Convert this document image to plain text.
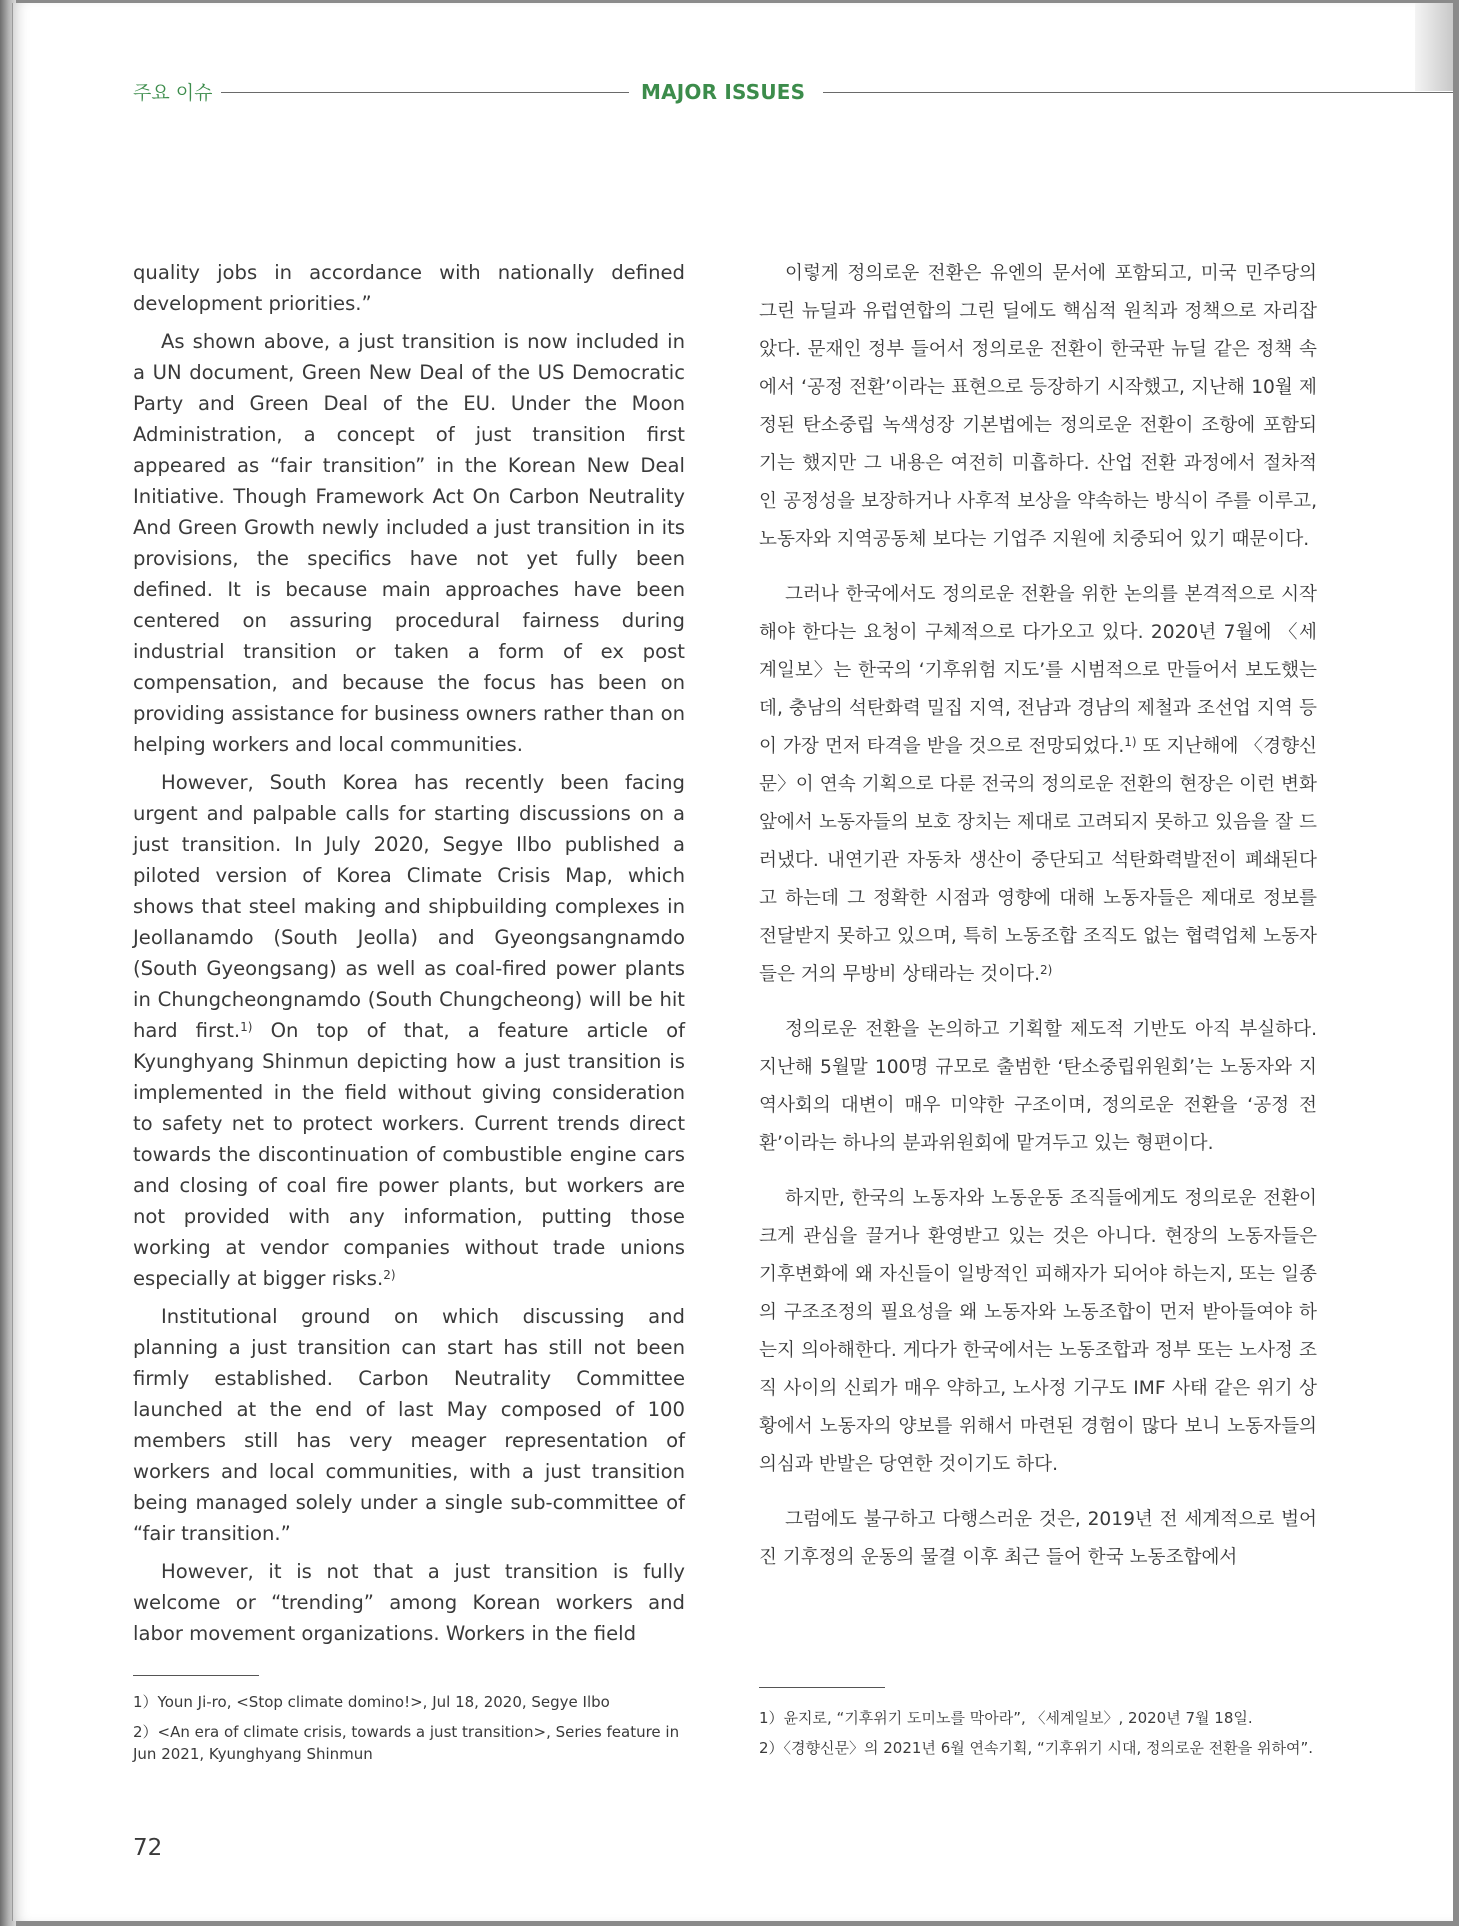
주요 이슈	MAJOR ISSUES

quality jobs in accordance with nationally defined development priorities.”

As shown above, a just transition is now included in a UN document, Green New Deal of the US Democratic Party and Green Deal of the EU. Under the Moon Administration, a concept of just transition first appeared as “fair transition” in the Korean New Deal Initiative. Though Framework Act On Carbon Neutrality And Green Growth newly included a just transition in its provisions, the specifics have not yet fully been defined. It is because main approaches have been centered on assuring procedural fairness during industrial transition or taken a form of ex post compensation, and because the focus has been on providing assistance for business owners rather than on helping workers and local communities.

However, South Korea has recently been facing urgent and palpable calls for starting discussions on a just transition. In July 2020, Segye Ilbo published a piloted version of Korea Climate Crisis Map, which shows that steel making and shipbuilding complexes in Jeollanamdo (South Jeolla) and Gyeongsangnamdo (South Gyeongsang) as well as coal-fired power plants in Chungcheongnamdo (South Chungcheong) will be hit hard first.$^{1)}$ On top of that, a feature article of Kyunghyang Shinmun depicting how a just transition is implemented in the field without giving consideration to safety net to protect workers. Current trends direct towards the discontinuation of combustible engine cars and closing of coal fire power plants, but workers are not provided with any information, putting those working at vendor companies without trade unions especially at bigger risks.$^{2)}$

Institutional ground on which discussing and planning a just transition can start has still not been firmly established. Carbon Neutrality Committee launched at the end of last May composed of 100 members still has very meager representation of workers and local communities, with a just transition being managed solely under a single sub-committee of “fair transition.”

However, it is not that a just transition is fully welcome or “trending” among Korean workers and labor movement organizations. Workers in the field

이렇게 정의로운 전환은 유엔의 문서에 포함되고, 미국 민주당의 그린 뉴딜과 유럽연합의 그린 딜에도 핵심적 원칙과 정책으로 자리잡았다. 문재인 정부 들어서 정의로운 전환이 한국판 뉴딜 같은 정책 속에서 ‘공정 전환’이라는 표현으로 등장하기 시작했고, 지난해 10월 제정된 탄소중립 녹색성장 기본법에는 정의로운 전환이 조항에 포함되기는 했지만 그 내용은 여전히 미흡하다. 산업 전환 과정에서 절차적인 공정성을 보장하거나 사후적 보상을 약속하는 방식이 주를 이루고, 노동자와 지역공동체 보다는 기업주 지원에 치중되어 있기 때문이다.

그러나 한국에서도 정의로운 전환을 위한 논의를 본격적으로 시작해야 한다는 요청이 구체적으로 다가오고 있다. 2020년 7월에 〈세계일보〉는 한국의 ‘기후위험 지도’를 시범적으로 만들어서 보도했는데, 충남의 석탄화력 밀집 지역, 전남과 경남의 제철과 조선업 지역 등이 가장 먼저 타격을 받을 것으로 전망되었다.$^{1)}$ 또 지난해에 〈경향신문〉이 연속 기획으로 다룬 전국의 정의로운 전환의 현장은 이런 변화 앞에서 노동자들의 보호 장치는 제대로 고려되지 못하고 있음을 잘 드러냈다. 내연기관 자동차 생산이 중단되고 석탄화력발전이 폐쇄된다고 하는데 그 정확한 시점과 영향에 대해 노동자들은 제대로 정보를 전달받지 못하고 있으며, 특히 노동조합 조직도 없는 협력업체 노동자들은 거의 무방비 상태라는 것이다.$^{2)}$

정의로운 전환을 논의하고 기획할 제도적 기반도 아직 부실하다. 지난해 5월말 100명 규모로 출범한 ‘탄소중립위원회’는 노동자와 지역사회의 대변이 매우 미약한 구조이며, 정의로운 전환을 ‘공정 전환’이라는 하나의 분과위원회에 맡겨두고 있는 형편이다.

하지만, 한국의 노동자와 노동운동 조직들에게도 정의로운 전환이 크게 관심을 끌거나 환영받고 있는 것은 아니다. 현장의 노동자들은 기후변화에 왜 자신들이 일방적인 피해자가 되어야 하는지, 또는 일종의 구조조정의 필요성을 왜 노동자와 노동조합이 먼저 받아들여야 하는지 의아해한다. 게다가 한국에서는 노동조합과 정부 또는 노사정 조직 사이의 신뢰가 매우 약하고, 노사정 기구도 IMF 사태 같은 위기 상황에서 노동자의 양보를 위해서 마련된 경험이 많다 보니 노동자들의 의심과 반발은 당연한 것이기도 하다.

그럼에도 불구하고 다행스러운 것은, 2019년 전 세계적으로 벌어진 기후정의 운동의 물결 이후 최근 들어 한국 노동조합에서

1）Youn Ji-ro, <Stop climate domino!>, Jul 18, 2020, Segye Ilbo
2）<An era of climate crisis, towards a just transition>, Series feature in Jun 2021, Kyunghyang Shinmun
1）윤지로, “기후위기 도미노를 막아라”, 〈세계일보〉, 2020년 7월 18일.
2）〈경향신문〉의 2021년 6월 연속기획, “기후위기 시대, 정의로운 전환을 위하여”.
72
